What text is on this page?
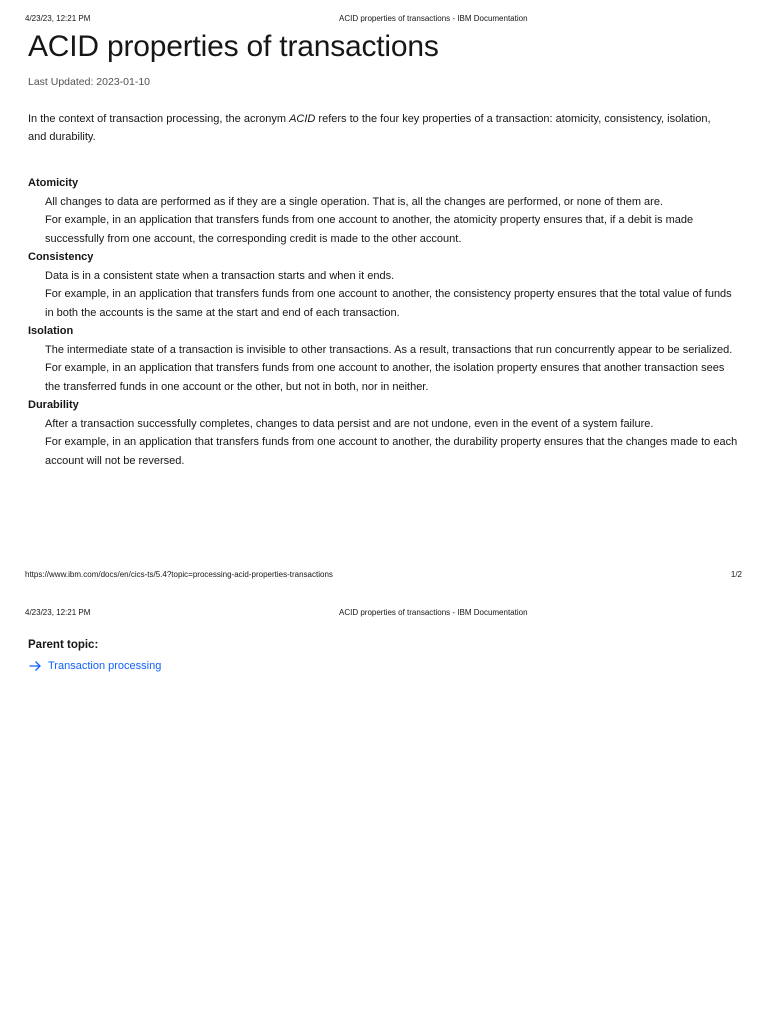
4/23/23, 12:21 PM	ACID properties of transactions - IBM Documentation
ACID properties of transactions
Last Updated: 2023-01-10

In the context of transaction processing, the acronym ACID refers to the four key properties of a transaction: atomicity, consistency, isolation, and durability.

Atomicity
All changes to data are performed as if they are a single operation. That is, all the changes are performed, or none of them are.
For example, in an application that transfers funds from one account to another, the atomicity property ensures that, if a debit is made successfully from one account, the corresponding credit is made to the other account.
Consistency
Data is in a consistent state when a transaction starts and when it ends.
For example, in an application that transfers funds from one account to another, the consistency property ensures that the total value of funds in both the accounts is the same at the start and end of each transaction.
Isolation
The intermediate state of a transaction is invisible to other transactions. As a result, transactions that run concurrently appear to be serialized.
For example, in an application that transfers funds from one account to another, the isolation property ensures that another transaction sees the transferred funds in one account or the other, but not in both, nor in neither.
Durability
After a transaction successfully completes, changes to data persist and are not undone, even in the event of a system failure.
For example, in an application that transfers funds from one account to another, the durability property ensures that the changes made to each account will not be reversed.
https://www.ibm.com/docs/en/cics-ts/5.4?topic=processing-acid-properties-transactions	1/2
4/23/23, 12:21 PM	ACID properties of transactions - IBM Documentation
Parent topic:
Transaction processing
